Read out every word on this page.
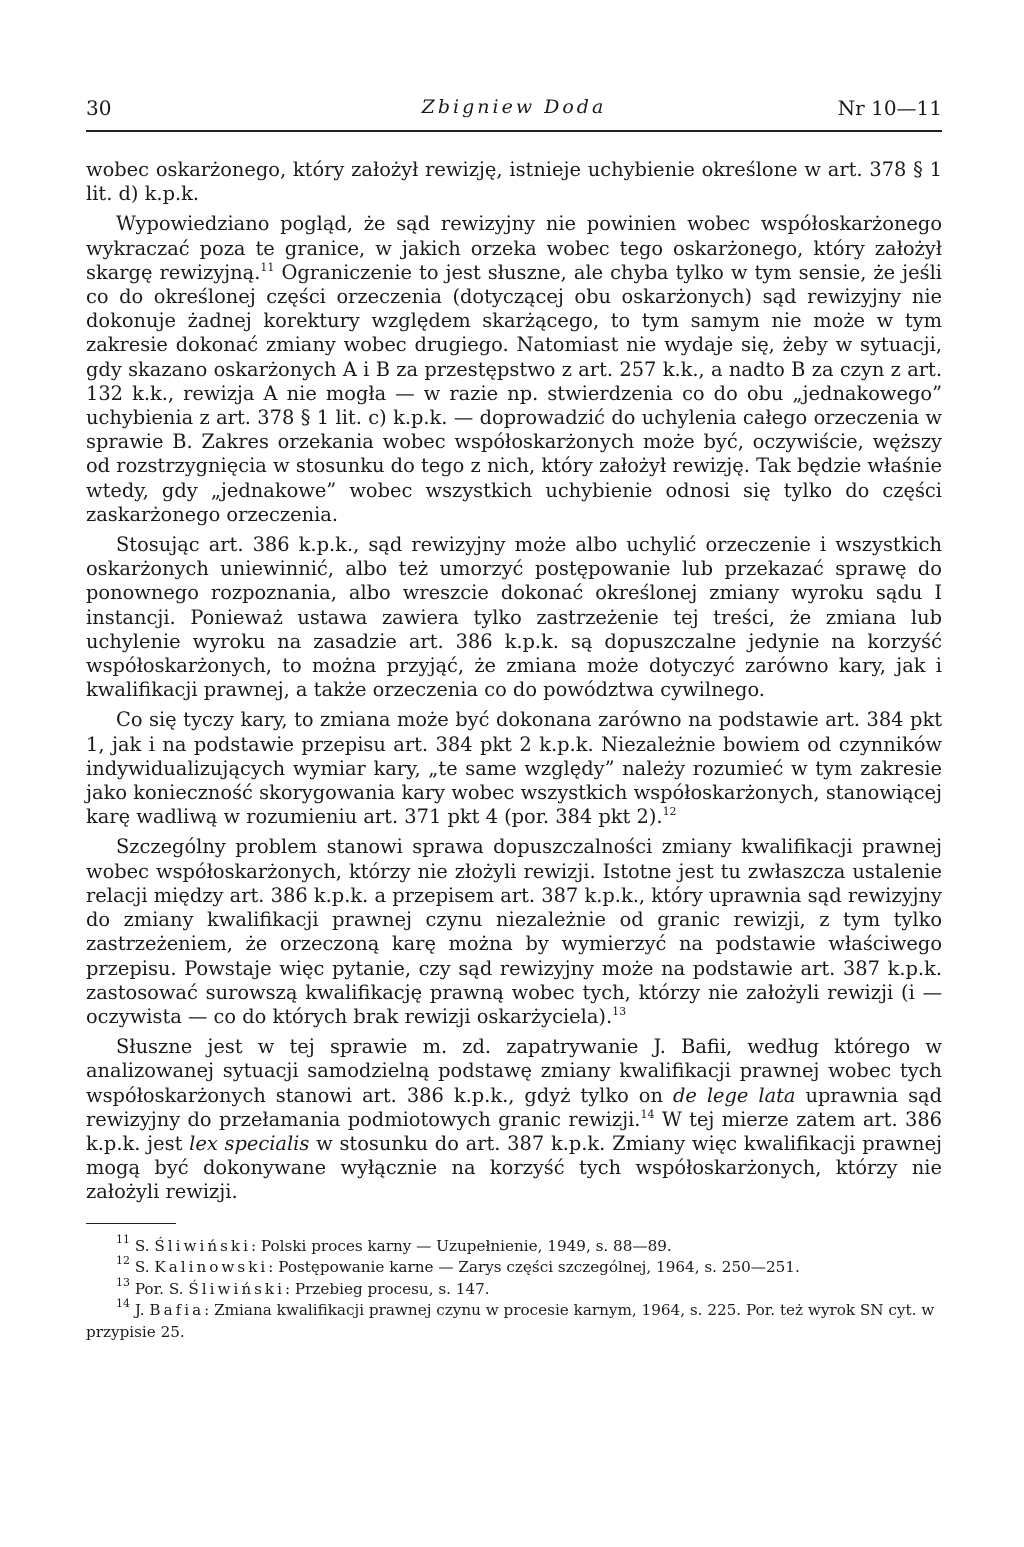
30	Zbigniew Doda	Nr 10—11

wobec oskarżonego, który założył rewizję, istnieje uchybienie określone w art. 378 § 1 lit. d) k.p.k.

Wypowiedziano pogląd, że sąd rewizyjny nie powinien wobec współoskarżonego wykraczać poza te granice, w jakich orzeka wobec tego oskarżonego, który założył skargę rewizyjną.$^{11}$ Ograniczenie to jest słuszne, ale chyba tylko w tym sensie, że jeśli co do określonej części orzeczenia (dotyczącej obu oskarżonych) sąd rewizyjny nie dokonuje żadnej korektury względem skarżącego, to tym samym nie może w tym zakresie dokonać zmiany wobec drugiego. Natomiast nie wydaje się, żeby w sytuacji, gdy skazano oskarżonych A i B za przestępstwo z art. 257 k.k., a nadto B za czyn z art. 132 k.k., rewizja A nie mogła — w razie np. stwierdzenia co do obu „jednakowego” uchybienia z art. 378 § 1 lit. c) k.p.k. — doprowadzić do uchylenia całego orzeczenia w sprawie B. Zakres orzekania wobec współoskarżonych może być, oczywiście, węższy od rozstrzygnięcia w stosunku do tego z nich, który założył rewizję. Tak będzie właśnie wtedy, gdy „jednakowe” wobec wszystkich uchybienie odnosi się tylko do części zaskarżonego orzeczenia.

Stosując art. 386 k.p.k., sąd rewizyjny może albo uchylić orzeczenie i wszystkich oskarżonych uniewinnić, albo też umorzyć postępowanie lub przekazać sprawę do ponownego rozpoznania, albo wreszcie dokonać określonej zmiany wyroku sądu I instancji. Ponieważ ustawa zawiera tylko zastrzeżenie tej treści, że zmiana lub uchylenie wyroku na zasadzie art. 386 k.p.k. są dopuszczalne jedynie na korzyść współoskarżonych, to można przyjąć, że zmiana może dotyczyć zarówno kary, jak i kwalifikacji prawnej, a także orzeczenia co do powództwa cywilnego.

Co się tyczy kary, to zmiana może być dokonana zarówno na podstawie art. 384 pkt 1, jak i na podstawie przepisu art. 384 pkt 2 k.p.k. Niezależnie bowiem od czynników indywidualizujących wymiar kary, „te same względy” należy rozumieć w tym zakresie jako konieczność skorygowania kary wobec wszystkich współoskarżonych, stanowiącej karę wadliwą w rozumieniu art. 371 pkt 4 (por. 384 pkt 2).$^{12}$

Szczególny problem stanowi sprawa dopuszczalności zmiany kwalifikacji prawnej wobec współoskarżonych, którzy nie złożyli rewizji. Istotne jest tu zwłaszcza ustalenie relacji między art. 386 k.p.k. a przepisem art. 387 k.p.k., który uprawnia sąd rewizyjny do zmiany kwalifikacji prawnej czynu niezależnie od granic rewizji, z tym tylko zastrzeżeniem, że orzeczoną karę można by wymierzyć na podstawie właściwego przepisu. Powstaje więc pytanie, czy sąd rewizyjny może na podstawie art. 387 k.p.k. zastosować surowszą kwalifikację prawną wobec tych, którzy nie założyli rewizji (i — oczywista — co do których brak rewizji oskarżyciela).$^{13}$

Słuszne jest w tej sprawie m. zd. zapatrywanie J. Bafii, według którego w analizowanej sytuacji samodzielną podstawę zmiany kwalifikacji prawnej wobec tych współoskarżonych stanowi art. 386 k.p.k., gdyż tylko on de lege lata uprawnia sąd rewizyjny do przełamania podmiotowych granic rewizji.$^{14}$ W tej mierze zatem art. 386 k.p.k. jest lex specialis w stosunku do art. 387 k.p.k. Zmiany więc kwalifikacji prawnej mogą być dokonywane wyłącznie na korzyść tych współoskarżonych, którzy nie założyli rewizji.

$^{11}$ S. Śliwiński: Polski proces karny — Uzupełnienie, 1949, s. 88—89.

$^{12}$ S. Kalinowski: Postępowanie karne — Zarys części szczególnej, 1964, s. 250—251.

$^{13}$ Por. S. Śliwiński: Przebieg procesu, s. 147.

$^{14}$ J. Bafia: Zmiana kwalifikacji prawnej czynu w procesie karnym, 1964, s. 225. Por. też wyrok SN cyt. w przypisie 25.
